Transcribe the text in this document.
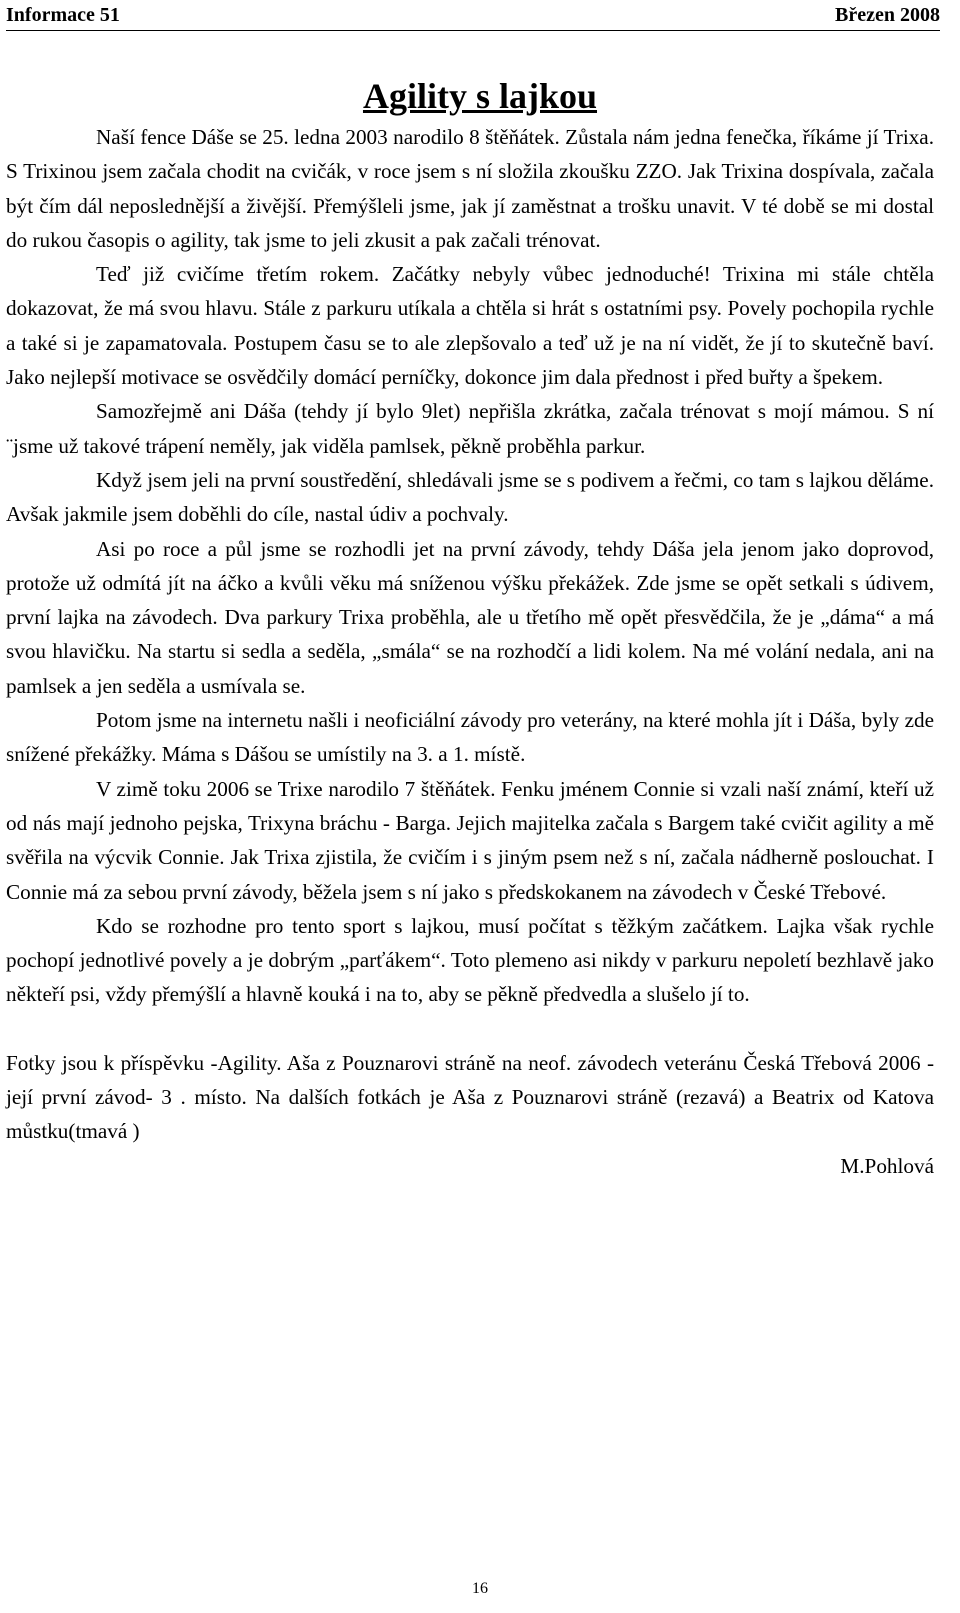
Informace 51	Březen 2008
Agility s lajkou

Naší fence Dáše se 25. ledna 2003 narodilo 8 štěňátek. Zůstala nám jedna fenečka, říkáme jí Trixa. S Trixinou jsem začala chodit na cvičák, v roce jsem s ní složila zkoušku ZZO. Jak Trixina dospívala, začala být čím dál neposlednější a živější. Přemýšleli jsme, jak jí zaměstnat a trošku unavit. V té době se mi dostal do rukou časopis o agility, tak jsme to jeli zkusit a pak začali trénovat.

Teď již cvičíme třetím rokem. Začátky nebyly vůbec jednoduché! Trixina mi stále chtěla dokazovat, že má svou hlavu. Stále z parkuru utíkala a chtěla si hrát s ostatními psy. Povely pochopila rychle a také si je zapamatovala. Postupem času se to ale zlepšovalo a teď už je na ní vidět, že jí to skutečně baví. Jako nejlepší motivace se osvědčily domácí perníčky, dokonce jim dala přednost i před buřty a špekem.

Samozřejmě ani Dáša (tehdy jí bylo 9let) nepřišla zkrátka, začala trénovat s mojí mámou. S ní ¨jsme už takové trápení neměly, jak viděla pamlsek, pěkně proběhla parkur.

Když jsem jeli na první soustředění, shledávali jsme se s podivem a řečmi, co tam s lajkou děláme. Avšak jakmile jsem doběhli do cíle, nastal údiv a pochvaly.

Asi po roce a půl jsme se rozhodli jet na první závody, tehdy Dáša jela jenom jako doprovod, protože už odmítá jít na áčko a kvůli věku má sníženou výšku překážek. Zde jsme se opět setkali s údivem, první lajka na závodech. Dva parkury Trixa proběhla, ale u třetího mě opět přesvědčila, že je „dáma“ a má svou hlavičku. Na startu si sedla a seděla, „smála“ se na rozhodčí a lidi kolem. Na mé volání nedala, ani na pamlsek a jen seděla a usmívala se.

Potom jsme na internetu našli i neoficiální závody pro veterány, na které mohla jít i Dáša, byly zde snížené překážky. Máma s Dášou se umístily na 3. a 1. místě.

V zimě toku 2006 se Trixe narodilo 7 štěňátek. Fenku jménem Connie si vzali naší známí, kteří už od nás mají jednoho pejska, Trixyna bráchu - Barga. Jejich majitelka začala s Bargem také cvičit agility a mě svěřila na výcvik Connie. Jak Trixa zjistila, že cvičím i s jiným psem než s ní, začala nádherně poslouchat. I Connie má za sebou první závody, běžela jsem s ní jako s předskokanem na závodech v České Třebové.

Kdo se rozhodne pro tento sport s lajkou, musí počítat s těžkým začátkem. Lajka však rychle pochopí jednotlivé povely a je dobrým „parťákem“. Toto plemeno asi nikdy v parkuru nepoletí bezhlavě jako někteří psi, vždy přemýšlí a hlavně kouká i na to, aby se pěkně předvedla a slušelo jí to.

Fotky jsou k příspěvku -Agility. Aša z Pouznarovi stráně na neof. závodech veteránu Česká Třebová 2006 - její první závod- 3 . místo. Na dalších fotkách je Aša z Pouznarovi stráně (rezavá) a Beatrix od Katova můstku(tmavá )

M.Pohlová

16
